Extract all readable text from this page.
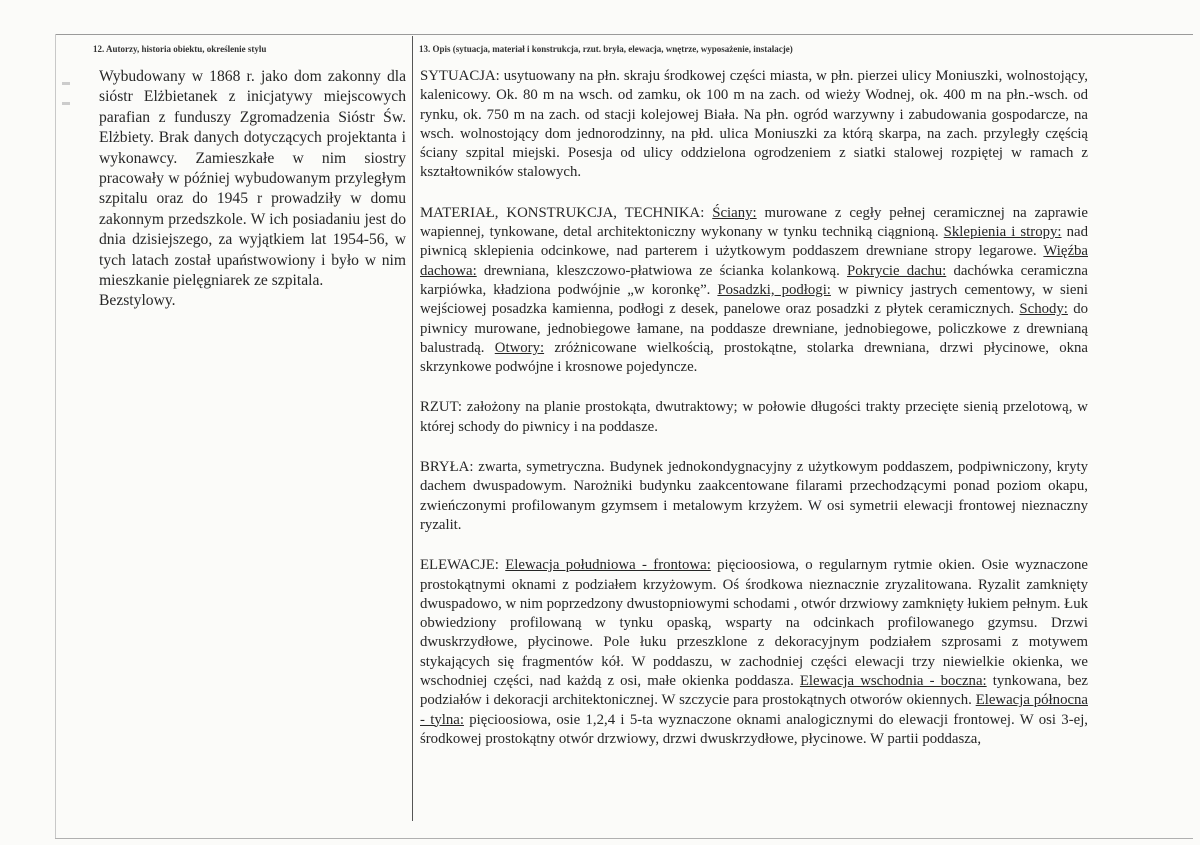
12. Autorzy, historia obiektu, określenie stylu	13. Opis (sytuacja, materiał i konstrukcja, rzut. bryła, elewacja, wnętrze, wyposażenie, instalacje)

Wybudowany w 1868 r. jako dom zakonny dla sióstr Elżbietanek z inicjatywy miejscowych parafian z funduszy Zgromadzenia Sióstr Św. Elżbiety. Brak danych dotyczących projektanta i wykonawcy. Zamieszkałe w nim siostry pracowały w później wybudowanym przyległym szpitalu oraz do 1945 r prowadziły w domu zakonnym przedszkole. W ich posiadaniu jest do dnia dzisiejszego, za wyjątkiem lat 1954-56, w tych latach został upaństwowiony i było w nim mieszkanie pielęgniarek ze szpitala.

Bezstylowy.

SYTUACJA: usytuowany na płn. skraju środkowej części miasta, w płn. pierzei ulicy Moniuszki, wolnostojący, kalenicowy. Ok. 80 m na wsch. od zamku, ok 100 m na zach. od wieży Wodnej, ok. 400 m na płn.-wsch. od rynku, ok. 750 m na zach. od stacji kolejowej Biała. Na płn. ogród warzywny i zabudowania gospodarcze, na wsch. wolnostojący dom jednorodzinny, na płd. ulica Moniuszki za którą skarpa, na zach. przyległy częścią ściany szpital miejski. Posesja od ulicy oddzielona ogrodzeniem z siatki stalowej rozpiętej w ramach z kształtowników stalowych.

MATERIAŁ, KONSTRUKCJA, TECHNIKA: Ściany: murowane z cegły pełnej ceramicznej na zaprawie wapiennej, tynkowane, detal architektoniczny wykonany w tynku techniką ciągnioną. Sklepienia i stropy: nad piwnicą sklepienia odcinkowe, nad parterem i użytkowym poddaszem drewniane stropy legarowe. Więźba dachowa: drewniana, kleszczowo-płatwiowa ze ścianka kolankową. Pokrycie dachu: dachówka ceramiczna karpiówka, kładziona podwójnie „w koronkę”. Posadzki, podłogi: w piwnicy jastrych cementowy, w sieni wejściowej posadzka kamienna, podłogi z desek, panelowe oraz posadzki z płytek ceramicznych. Schody: do piwnicy murowane, jednobiegowe łamane, na poddasze drewniane, jednobiegowe, policzkowe z drewnianą balustradą. Otwory: zróżnicowane wielkością, prostokątne, stolarka drewniana, drzwi płycinowe, okna skrzynkowe podwójne i krosnowe pojedyncze.

RZUT: założony na planie prostokąta, dwutraktowy; w połowie długości trakty przecięte sienią przelotową, w której schody do piwnicy i na poddasze.

BRYŁA: zwarta, symetryczna. Budynek jednokondygnacyjny z użytkowym poddaszem, podpiwniczony, kryty dachem dwuspadowym. Narożniki budynku zaakcentowane filarami przechodzącymi ponad poziom okapu, zwieńczonymi profilowanym gzymsem i metalowym krzyżem. W osi symetrii elewacji frontowej nieznaczny ryzalit.

ELEWACJE: Elewacja południowa - frontowa: pięcioosiowa, o regularnym rytmie okien. Osie wyznaczone prostokątnymi oknami z podziałem krzyżowym. Oś środkowa nieznacznie zryzalitowana. Ryzalit zamknięty dwuspadowo, w nim poprzedzony dwustopniowymi schodami , otwór drzwiowy zamknięty łukiem pełnym. Łuk obwiedziony profilowaną w tynku opaską, wsparty na odcinkach profilowanego gzymsu. Drzwi dwuskrzydłowe, płycinowe. Pole łuku przeszklone z dekoracyjnym podziałem szprosami z motywem stykających się fragmentów kół. W poddaszu, w zachodniej części elewacji trzy niewielkie okienka, we wschodniej części, nad każdą z osi, małe okienka poddasza. Elewacja wschodnia - boczna: tynkowana, bez podziałów i dekoracji architektonicznej. W szczycie para prostokątnych otworów okiennych. Elewacja północna - tylna: pięcioosiowa, osie 1,2,4 i 5-ta wyznaczone oknami analogicznymi do elewacji frontowej. W osi 3-ej, środkowej prostokątny otwór drzwiowy, drzwi dwuskrzydłowe, płycinowe. W partii poddasza,
